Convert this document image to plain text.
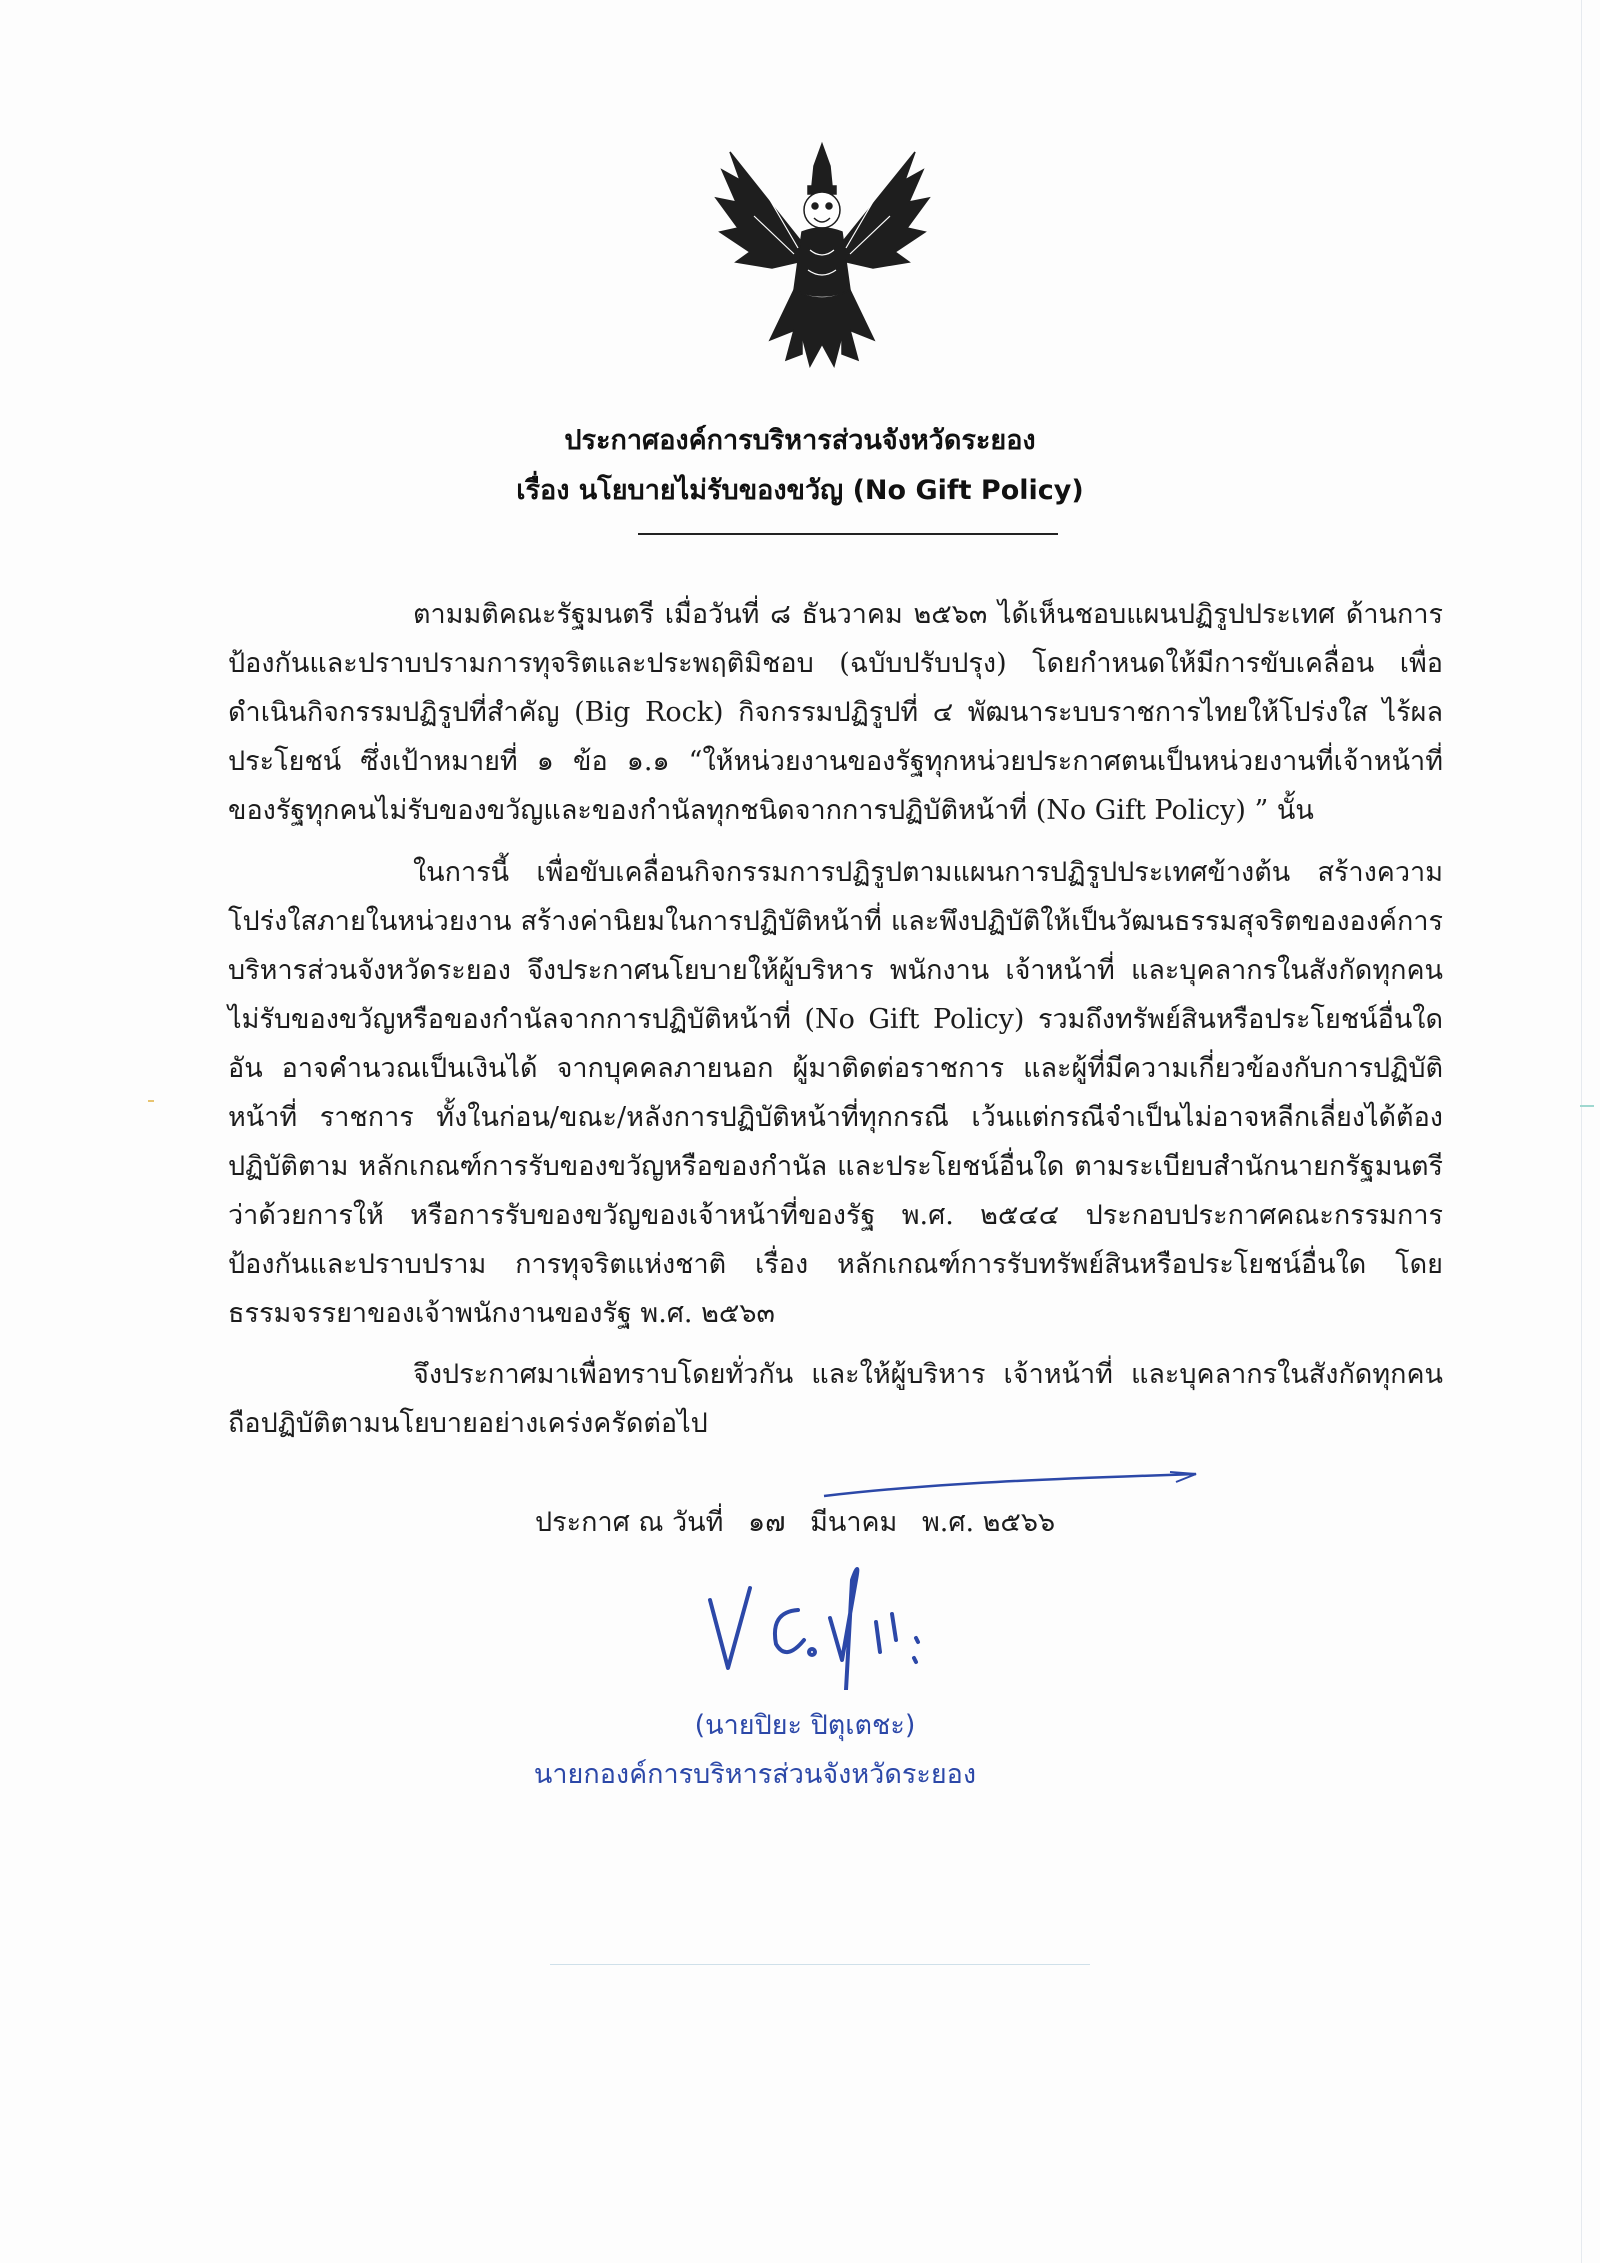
ประกาศองค์การบริหารส่วนจังหวัดระยอง
เรื่อง นโยบายไม่รับของขวัญ (No Gift Policy)
ตามมติคณะรัฐมนตรี เมื่อวันที่ ๘ ธันวาคม ๒๕๖๓ ได้เห็นชอบแผนปฏิรูปประเทศ ด้านการป้องกันและปราบปรามการทุจริตและประพฤติมิชอบ (ฉบับปรับปรุง) โดยกำหนดให้มีการขับเคลื่อน เพื่อดำเนินกิจกรรมปฏิรูปที่สำคัญ (Big Rock) กิจกรรมปฏิรูปที่ ๔ พัฒนาระบบราชการไทยให้โปร่งใส ไร้ผลประโยชน์ ซึ่งเป้าหมายที่ ๑ ข้อ ๑.๑ “ให้หน่วยงานของรัฐทุกหน่วยประกาศตนเป็นหน่วยงานที่เจ้าหน้าที่ ของรัฐทุกคนไม่รับของขวัญและของกำนัลทุกชนิดจากการปฏิบัติหน้าที่ (No Gift Policy) ” นั้น
ในการนี้ เพื่อขับเคลื่อนกิจกรรมการปฏิรูปตามแผนการปฏิรูปประเทศข้างต้น สร้างความ โปร่งใสภายในหน่วยงาน สร้างค่านิยมในการปฏิบัติหน้าที่ และพึงปฏิบัติให้เป็นวัฒนธรรมสุจริตขององค์การ บริหารส่วนจังหวัดระยอง จึงประกาศนโยบายให้ผู้บริหาร พนักงาน เจ้าหน้าที่ และบุคลากรในสังกัดทุกคน ไม่รับของขวัญหรือของกำนัลจากการปฏิบัติหน้าที่ (No Gift Policy) รวมถึงทรัพย์สินหรือประโยชน์อื่นใดอัน อาจคำนวณเป็นเงินได้ จากบุคคลภายนอก ผู้มาติดต่อราชการ และผู้ที่มีความเกี่ยวข้องกับการปฏิบัติหน้าที่ ราชการ ทั้งในก่อน/ขณะ/หลังการปฏิบัติหน้าที่ทุกกรณี เว้นแต่กรณีจำเป็นไม่อาจหลีกเลี่ยงได้ต้องปฏิบัติตาม หลักเกณฑ์การรับของขวัญหรือของกำนัล และประโยชน์อื่นใด ตามระเบียบสำนักนายกรัฐมนตรีว่าด้วยการให้ หรือการรับของขวัญของเจ้าหน้าที่ของรัฐ พ.ศ. ๒๕๔๔ ประกอบประกาศคณะกรรมการป้องกันและปราบปราม การทุจริตแห่งชาติ เรื่อง หลักเกณฑ์การรับทรัพย์สินหรือประโยชน์อื่นใด โดยธรรมจรรยาของเจ้าพนักงานของรัฐ พ.ศ. ๒๕๖๓
จึงประกาศมาเพื่อทราบโดยทั่วกัน และให้ผู้บริหาร เจ้าหน้าที่ และบุคลากรในสังกัดทุกคน ถือปฏิบัติตามนโยบายอย่างเคร่งครัดต่อไป
ประกาศ ณ วันที่ ๑๗ มีนาคม พ.ศ. ๒๕๖๖
(นายปิยะ ปิตุเตชะ)
นายกองค์การบริหารส่วนจังหวัดระยอง
